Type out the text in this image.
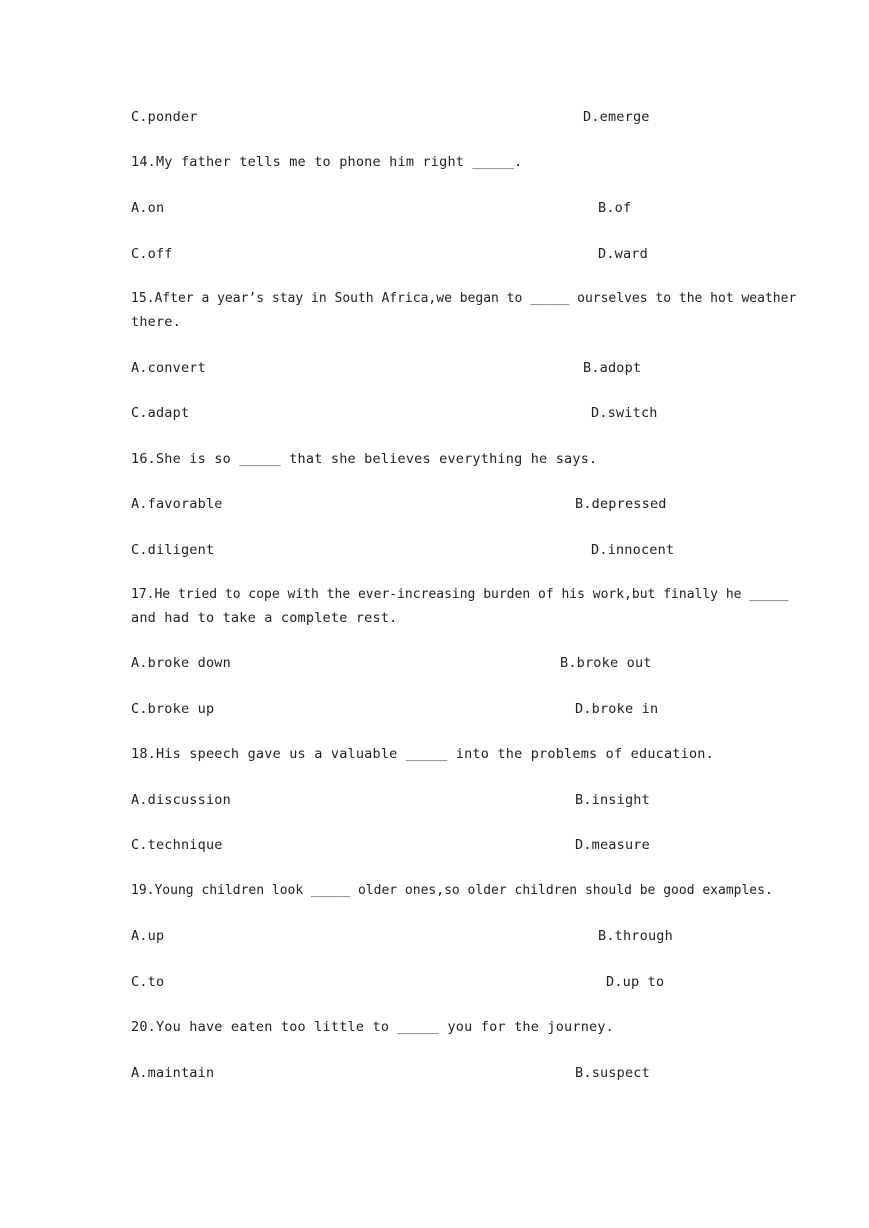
C.ponder	D.emerge
14.My father tells me to phone him right _____.
A.on	B.of
C.off	D.ward
15.After a year’s stay in South Africa,we began to _____ ourselves to the hot weather
there.
A.convert	B.adopt
C.adapt	D.switch
16.She is so _____ that she believes everything he says.
A.favorable	B.depressed
C.diligent	D.innocent
17.He tried to cope with the ever-increasing burden of his work,but finally he _____
and had to take a complete rest.
A.broke down	B.broke out
C.broke up	D.broke in
18.His speech gave us a valuable _____ into the problems of education.
A.discussion	B.insight
C.technique	D.measure
19.Young children look _____ older ones,so older children should be good examples.
A.up	B.through
C.to	D.up to
20.You have eaten too little to _____ you for the journey.
A.maintain	B.suspect
